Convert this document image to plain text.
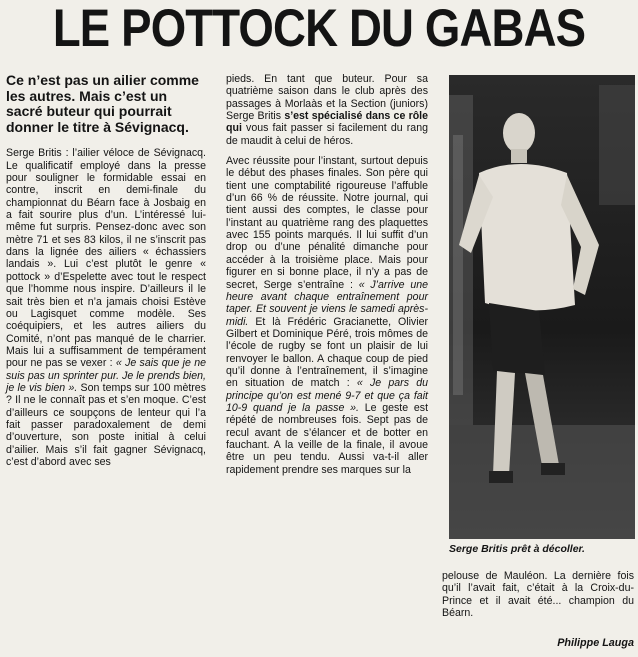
LE POTTOCK DU GABAS
Ce n’est pas un ailier comme les autres. Mais c’est un sacré buteur qui pourrait donner le titre à Sévignacq.

Serge Britis : l’ailier véloce de Sévignacq. Le qualificatif employé dans la presse pour souligner le formidable essai en contre, inscrit en demi-finale du championnat du Béarn face à Josbaig en a fait sourire plus d’un. L’intéressé lui-même fut surpris. Pensez-donc avec son mètre 71 et ses 83 kilos, il ne s’inscrit pas dans la lignée des ailiers « échassiers landais ». Lui c’est plutôt le genre « pottock » d’Espelette avec tout le respect que l’homme nous inspire. D’ailleurs il le sait très bien et n’a jamais choisi Estève ou Lagisquet comme modèle. Ses coéquipiers, et les autres ailiers du Comité, n’ont pas manqué de le charrier. Mais lui a suffisamment de tempérament pour ne pas se vexer : « Je sais que je ne suis pas un sprinter pur. Je le prends bien, je le vis bien ». Son temps sur 100 mètres ? Il ne le connaît pas et s’en moque. C’est d’ailleurs ce soupçons de lenteur qui l’a fait passer paradoxalement de demi d’ouverture, son poste initial à celui d’ailier. Mais s’il fait gagner Sévignacq, c’est d’abord avec ses

pieds. En tant que buteur. Pour sa quatrième saison dans le club après des passages à Morlaàs et la Section (juniors) Serge Britis s’est spécialisé dans ce rôle qui vous fait passer si facilement du rang de maudit à celui de héros.

Avec réussite pour l’instant, surtout depuis le début des phases finales. Son père qui tient une comptabilité rigoureuse l’affuble d’un 66 % de réussite. Notre journal, qui tient aussi des comptes, le classe pour l’instant au quatrième rang des plaquettes avec 155 points marqués. Il lui suffit d’un drop ou d’une pénalité dimanche pour accéder à la troisième place. Mais pour figurer en si bonne place, il n’y a pas de secret, Serge s’entraîne : « J’arrive une heure avant chaque entraînement pour taper. Et souvent je viens le samedi après-midi. Et là Frédéric Gracianette, Olivier Gilbert et Dominique Péré, trois mômes de l’école de rugby se font un plaisir de lui renvoyer le ballon. A chaque coup de pied qu’il donne à l’entraînement, il s’imagine en situation de match : « Je pars du principe qu’on est mené 9-7 et que ça fait 10-9 quand je la passe ». Le geste est répété de nombreuses fois. Sept pas de recul avant de s’élancer et de botter en fauchant. A la veille de la finale, il avoue être un peu tendu. Aussi va-t-il aller rapidement prendre ses marques sur la

Serge Britis prêt à décoller.
pelouse de Mauléon. La dernière fois qu’il l’avait fait, c’était à la Croix-du-Prince et il avait été... champion du Béarn.
Philippe Lauga
